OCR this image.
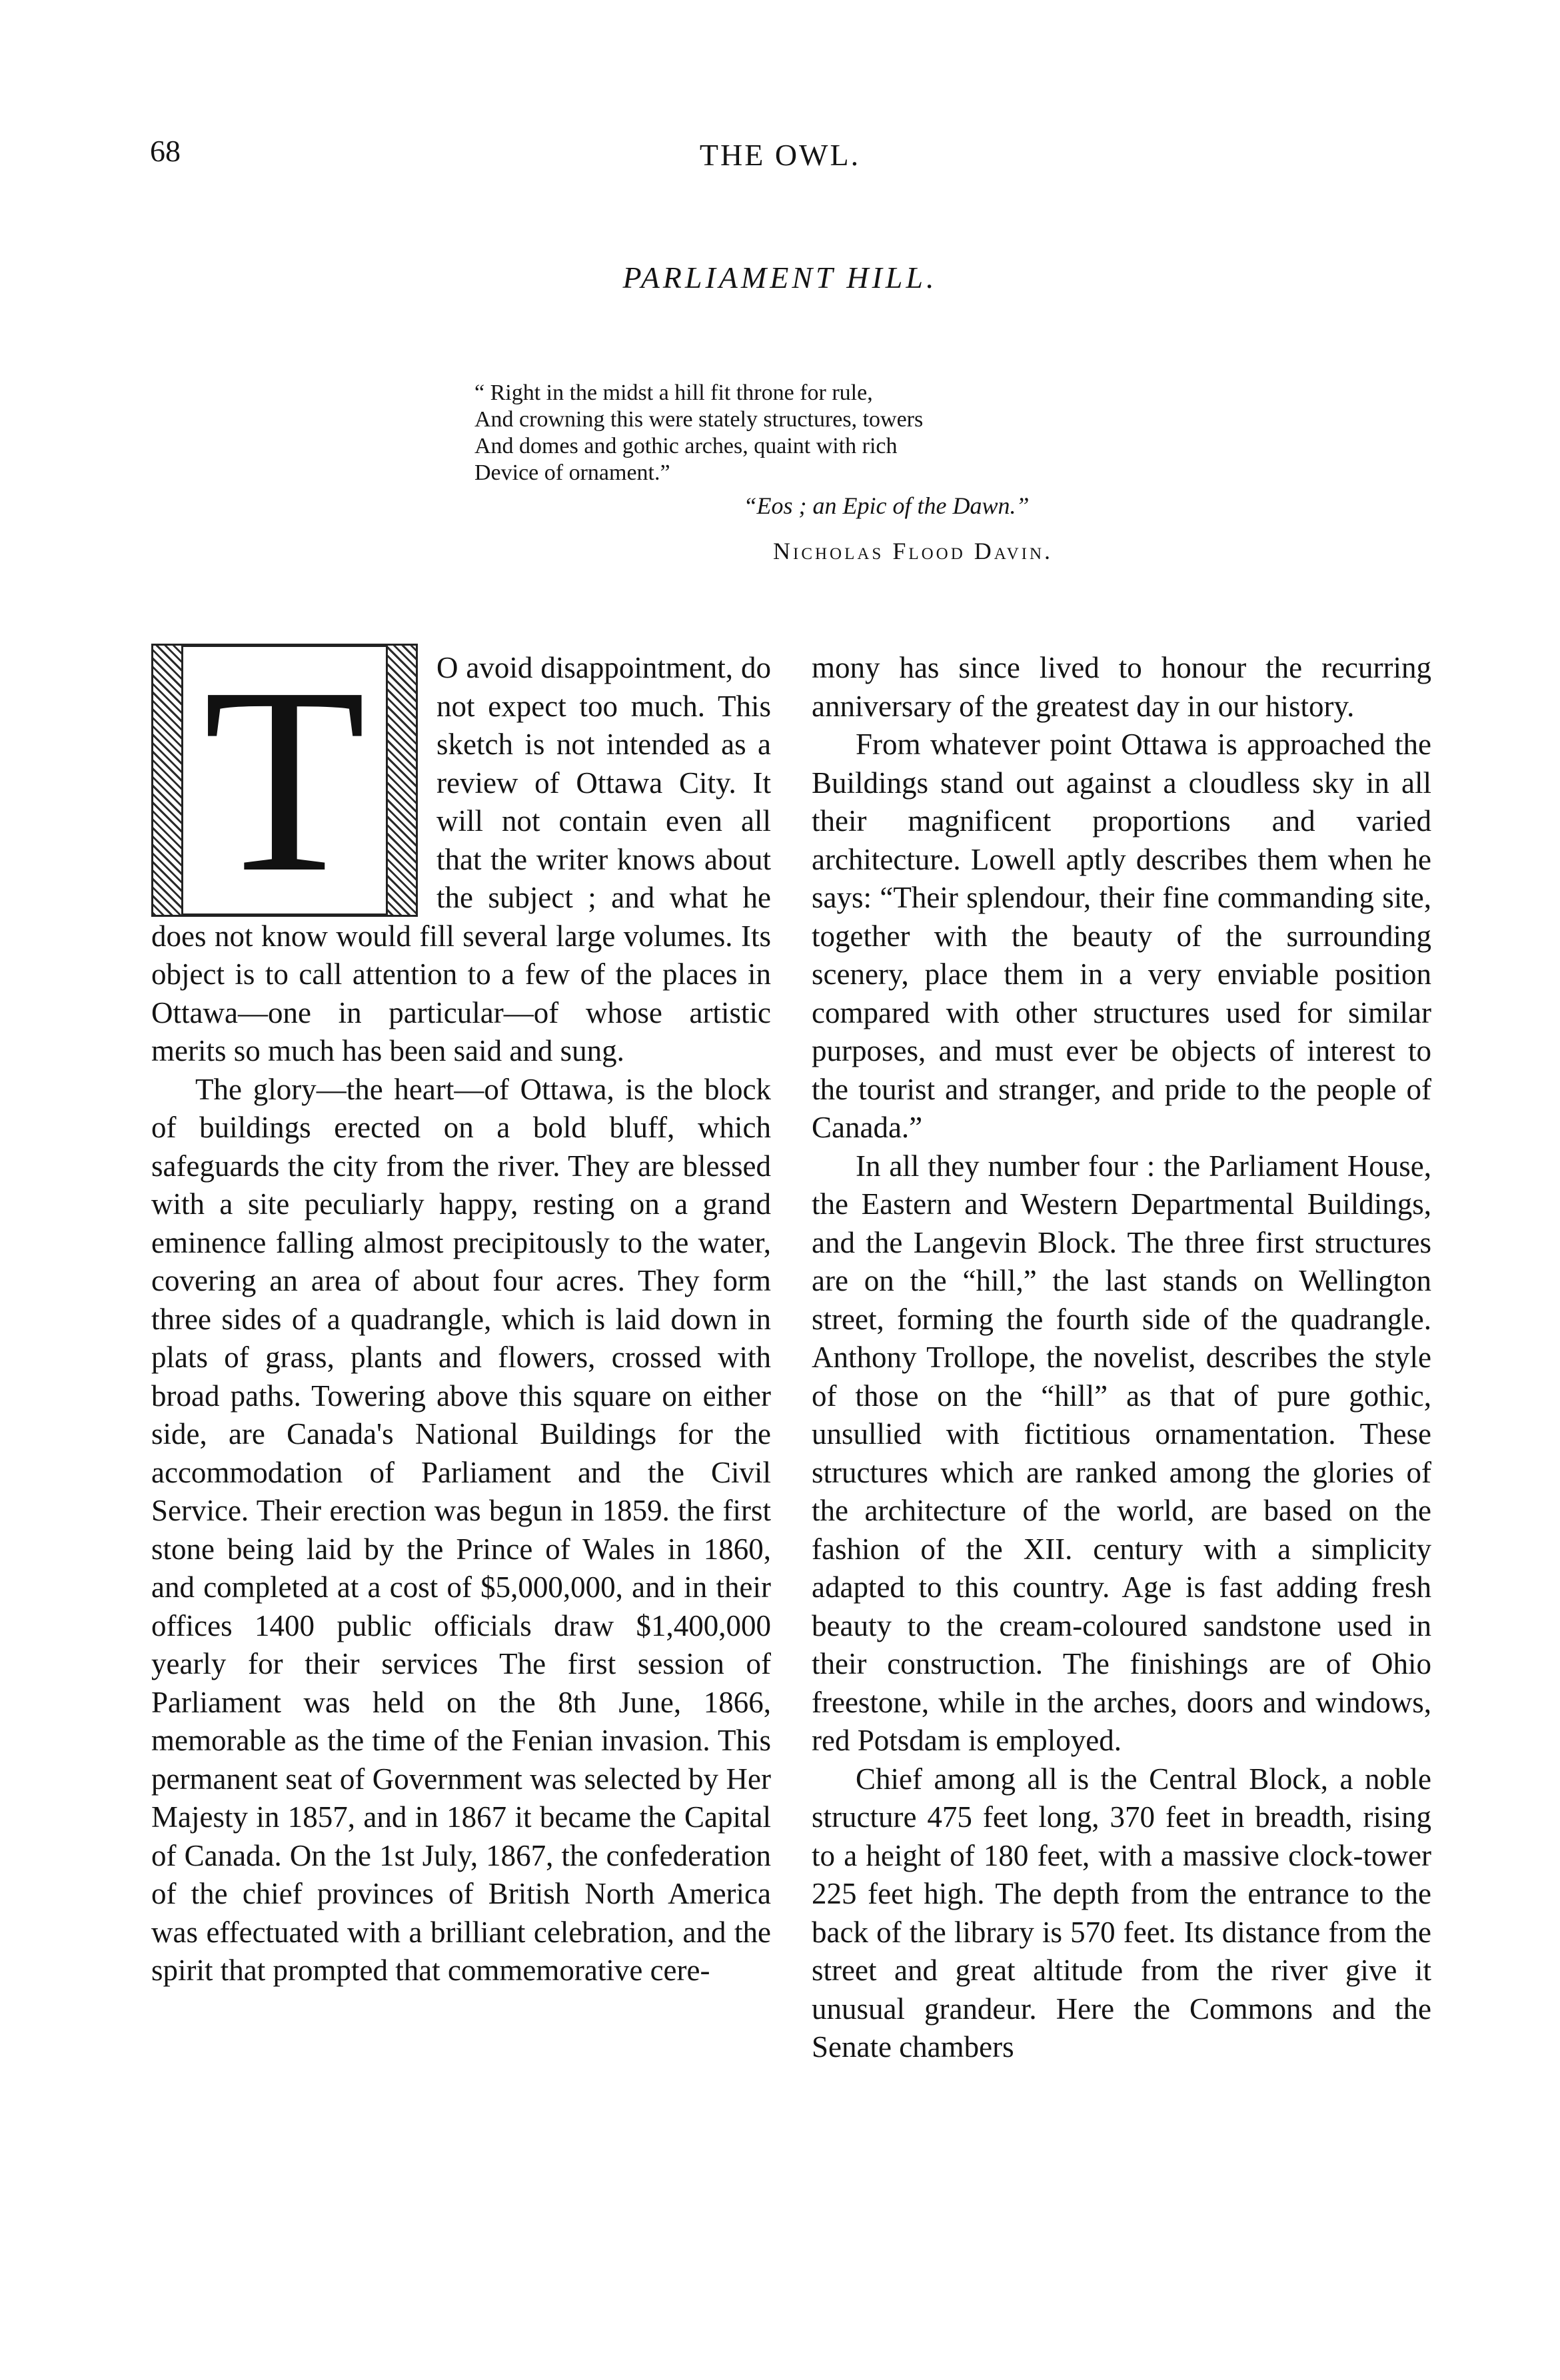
68	THE OWL.
PARLIAMENT HILL.
“ Right in the midst a hill fit throne for rule,
And crowning this were stately structures, towers
And domes and gothic arches, quaint with rich
Device of ornament.”
“Eos ; an Epic of the Dawn.”
Nicholas Flood Davin.
T	O avoid disappointment, do not expect too much. This sketch is not intended as a review of Ottawa City. It will not contain even all that the writer knows about the subject ; and what he does not know would fill several large volumes. Its object is to call attention to a few of the places in Ottawa—one in particular—of whose artistic merits so much has been said and sung.

The glory—the heart—of Ottawa, is the block of buildings erected on a bold bluff, which safeguards the city from the river. They are blessed with a site peculiarly happy, resting on a grand eminence falling almost precipitously to the water, covering an area of about four acres. They form three sides of a quadrangle, which is laid down in plats of grass, plants and flowers, crossed with broad paths. Towering above this square on either side, are Canada's National Buildings for the accommodation of Parliament and the Civil Service. Their erection was begun in 1859. the first stone being laid by the Prince of Wales in 1860, and completed at a cost of $5,000,000, and in their offices 1400 public officials draw $1,400,000 yearly for their services The first session of Parliament was held on the 8th June, 1866, memorable as the time of the Fenian invasion. This permanent seat of Government was selected by Her Majesty in 1857, and in 1867 it became the Capital of Canada. On the 1st July, 1867, the confederation of the chief provinces of British North America was effectuated with a brilliant celebration, and the spirit that prompted that commemorative cere-

mony has since lived to honour the recurring anniversary of the greatest day in our history.

From whatever point Ottawa is approached the Buildings stand out against a cloudless sky in all their magnificent proportions and varied architecture. Lowell aptly describes them when he says: “Their splendour, their fine commanding site, together with the beauty of the surrounding scenery, place them in a very enviable position compared with other structures used for similar purposes, and must ever be objects of interest to the tourist and stranger, and pride to the people of Canada.”

In all they number four : the Parliament House, the Eastern and Western Departmental Buildings, and the Langevin Block. The three first structures are on the “hill,” the last stands on Wellington street, forming the fourth side of the quadrangle. Anthony Trollope, the novelist, describes the style of those on the “hill” as that of pure gothic, unsullied with fictitious ornamentation. These structures which are ranked among the glories of the architecture of the world, are based on the fashion of the XII. century with a simplicity adapted to this country. Age is fast adding fresh beauty to the cream-coloured sandstone used in their construction. The finishings are of Ohio freestone, while in the arches, doors and windows, red Potsdam is employed.

Chief among all is the Central Block, a noble structure 475 feet long, 370 feet in breadth, rising to a height of 180 feet, with a massive clock-tower 225 feet high. The depth from the entrance to the back of the library is 570 feet. Its distance from the street and great altitude from the river give it unusual grandeur. Here the Commons and the Senate chambers
